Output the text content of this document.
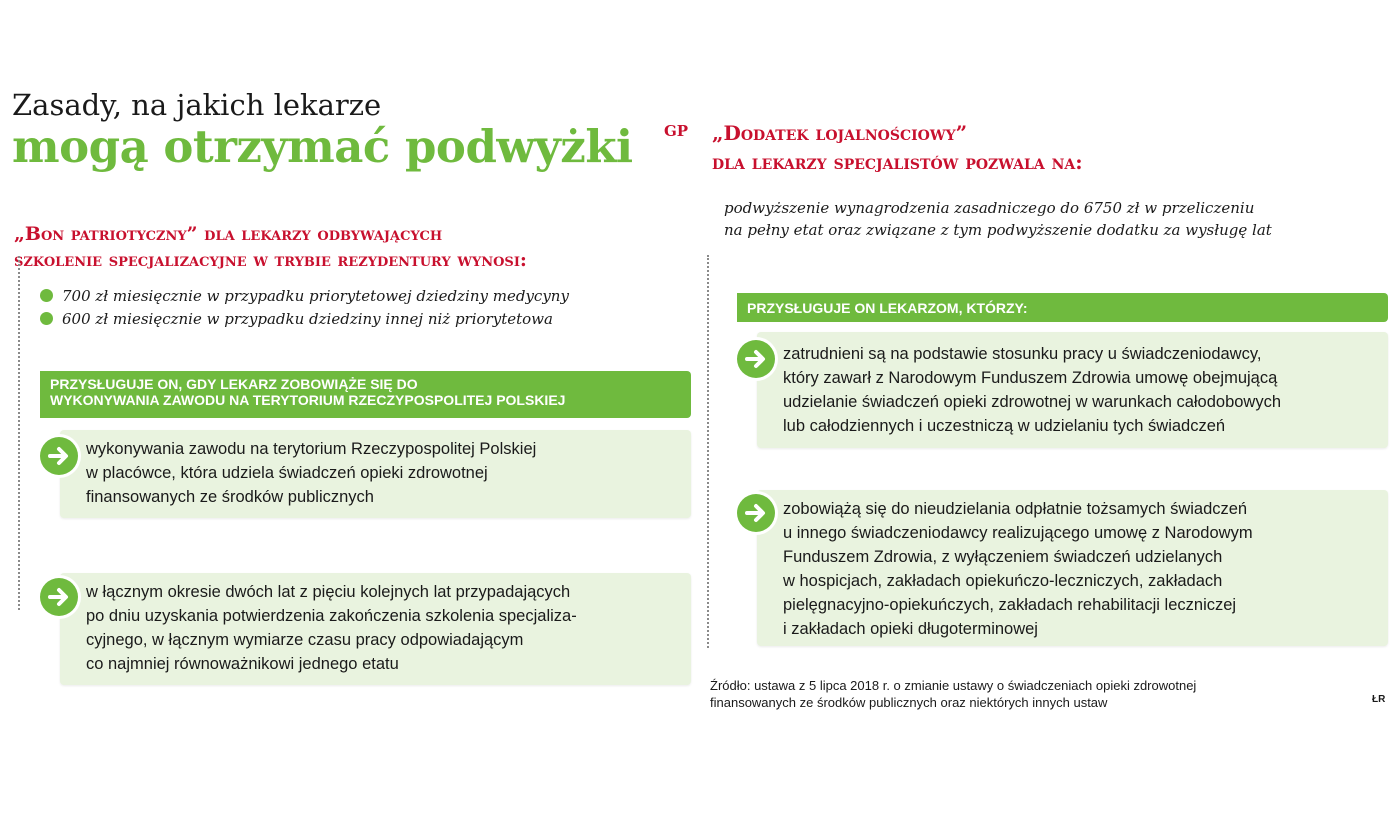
Zasady, na jakich lekarze
mogą otrzymać podwyżki GP
„Bon patriotyczny” dla lekarzy odbywających
szkolenie specjalizacyjne w trybie rezydentury wynosi:
700 zł miesięcznie w przypadku priorytetowej dziedziny medycyny
600 zł miesięcznie w przypadku dziedziny innej niż priorytetowa
PRZYSŁUGUJE ON, GDY LEKARZ ZOBOWIĄŻE SIĘ DO
WYKONYWANIA ZAWODU NA TERYTORIUM RZECZYPOSPOLITEJ POLSKIEJ
wykonywania zawodu na terytorium Rzeczypospolitej Polskiej
w placówce, która udziela świadczeń opieki zdrowotnej
finansowanych ze środków publicznych
w łącznym okresie dwóch lat z pięciu kolejnych lat przypadających
po dniu uzyskania potwierdzenia zakończenia szkolenia specjaliza-
cyjnego, w łącznym wymiarze czasu pracy odpowiadającym
co najmniej równoważnikowi jednego etatu
„Dodatek lojalnościowy”
dla lekarzy specjalistów pozwala na:
podwyższenie wynagrodzenia zasadniczego do 6750 zł w przeliczeniu
na pełny etat oraz związane z tym podwyższenie dodatku za wysługę lat
PRZYSŁUGUJE ON LEKARZOM, KTÓRZY:
zatrudnieni są na podstawie stosunku pracy u świadczeniodawcy,
który zawarł z Narodowym Funduszem Zdrowia umowę obejmującą
udzielanie świadczeń opieki zdrowotnej w warunkach całodobowych
lub całodziennych i uczestniczą w udzielaniu tych świadczeń
zobowiążą się do nieudzielania odpłatnie tożsamych świadczeń
u innego świadczeniodawcy realizującego umowę z Narodowym
Funduszem Zdrowia, z wyłączeniem świadczeń udzielanych
w hospicjach, zakładach opiekuńczo-leczniczych, zakładach
pielęgnacyjno-opiekuńczych, zakładach rehabilitacji leczniczej
i zakładach opieki długoterminowej
Źródło: ustawa z 5 lipca 2018 r. o zmianie ustawy o świadczeniach opieki zdrowotnej
finansowanych ze środków publicznych oraz niektórych innych ustaw	ŁR
